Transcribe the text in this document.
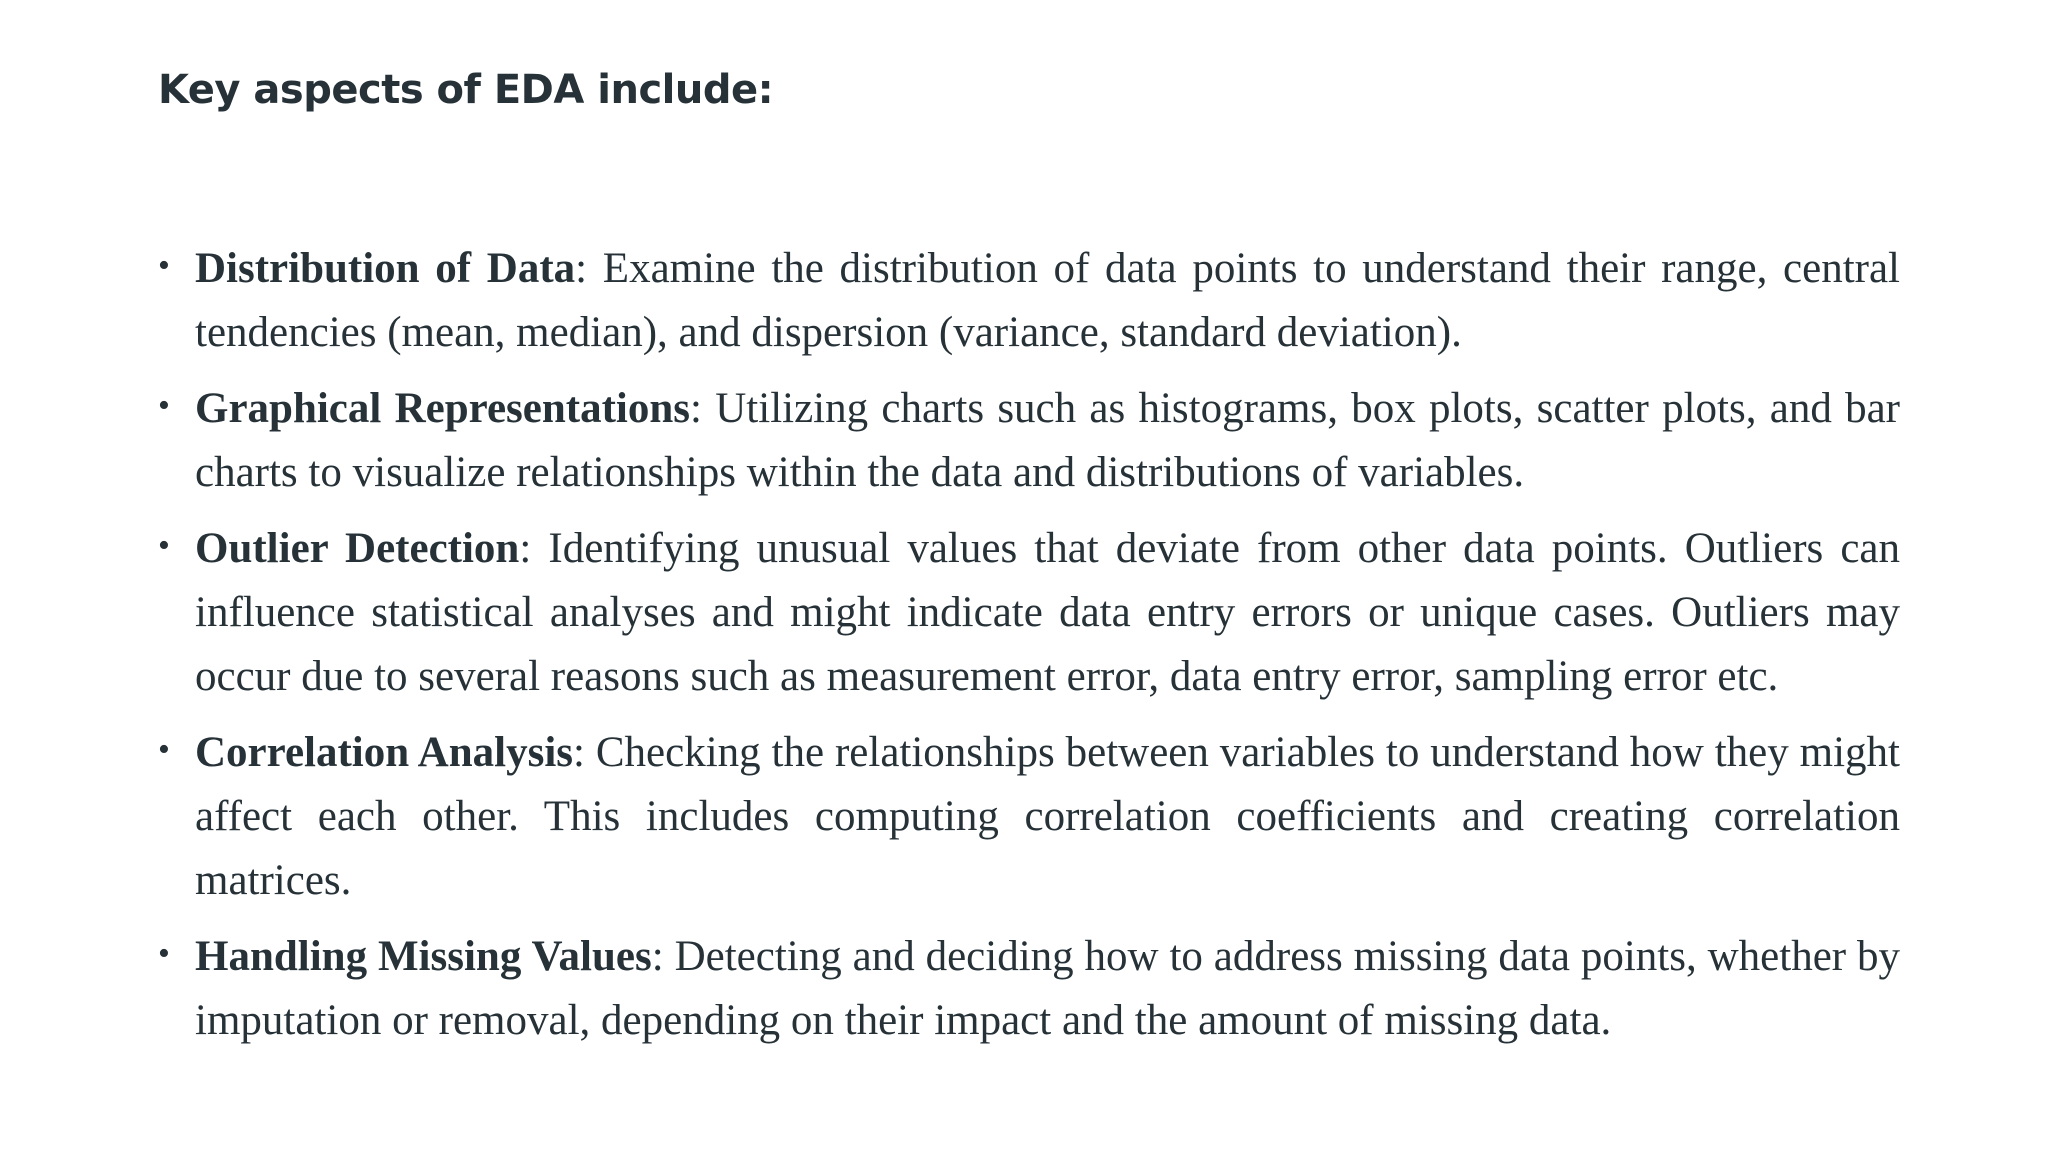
Key aspects of EDA include:
• Distribution of Data: Examine the distribution of data points to understand their range, central tendencies (mean, median), and dispersion (variance, standard deviation).
• Graphical Representations: Utilizing charts such as histograms, box plots, scatter plots, and bar charts to visualize relationships within the data and distributions of variables.
• Outlier Detection: Identifying unusual values that deviate from other data points. Outliers can influence statistical analyses and might indicate data entry errors or unique cases. Outliers may occur due to several reasons such as measurement error, data entry error, sampling error etc.
• Correlation Analysis: Checking the relationships between variables to understand how they might affect each other. This includes computing correlation coefficients and creating correlation matrices.
• Handling Missing Values: Detecting and deciding how to address missing data points, whether by imputation or removal, depending on their impact and the amount of missing data.
